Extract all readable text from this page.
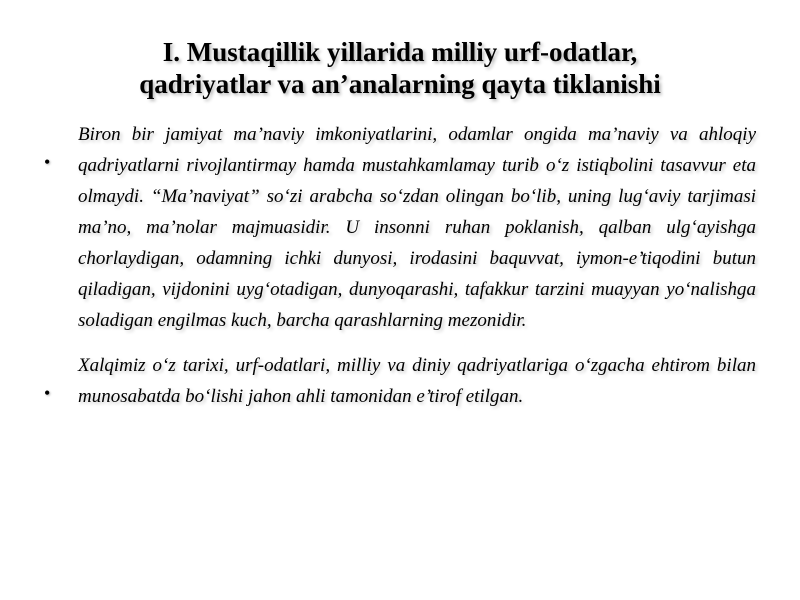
I. Mustaqillik yillarida milliy urf-odatlar,
qadriyatlar va an’analarning qayta tiklanishi
•

Biron bir jamiyat ma’naviy imkoniyatlarini, odamlar ongida ma’naviy va ahloqiy qadriyatlarni rivojlantirmay hamda mustahkamlamay turib o‘z istiqbolini tasavvur eta olmaydi. “Ma’naviyat” so‘zi arabcha so‘zdan olingan bo‘lib, uning lug‘aviy tarjimasi ma’no, ma’nolar majmuasidir. U insonni ruhan poklanish, qalban ulg‘ayishga chorlaydigan, odamning ichki dunyosi, irodasini baquvvat, iymon-e’tiqodini butun qiladigan, vijdonini uyg‘otadigan, dunyoqarashi, tafakkur tarzini muayyan yo‘nalishga soladigan engilmas kuch, barcha qarashlarning mezonidir.

•

Xalqimiz o‘z tarixi, urf-odatlari, milliy va diniy qadriyatlariga o‘zgacha ehtirom bilan munosabatda bo‘lishi jahon ahli tamonidan e’tirof etilgan.
